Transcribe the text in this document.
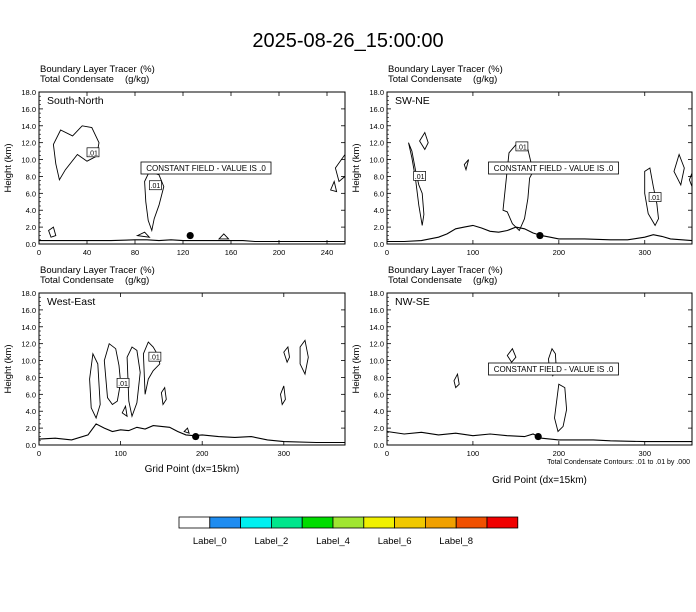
2025-08-26_15:00:00
Boundary Layer Tracer (%)
Total Condensate (g/kg)
.01
.01
CONSTANT FIELD - VALUE IS .0
South-North
0.0
2.0
4.0
6.0
8.0
10.0
12.0
14.0
16.0
18.0
0	40	80	120	160	200	240
Height (km)
Boundary Layer Tracer (%)
Total Condensate (g/kg)
.01
.01
.01
CONSTANT FIELD - VALUE IS .0
SW-NE
0.0
2.0
4.0
6.0
8.0
10.0
12.0
14.0
16.0
18.0
0	100	200	300
Height (km)
Boundary Layer Tracer (%)
Total Condensate (g/kg)
.01
.01
West-East
0.0
2.0
4.0
6.0
8.0
10.0
12.0
14.0
16.0
18.0
0	100	200	300
Height (km)
Grid Point (dx=15km)
Boundary Layer Tracer (%)
Total Condensate (g/kg)
CONSTANT FIELD - VALUE IS .0
NW-SE
0.0
2.0
4.0
6.0
8.0
10.0
12.0
14.0
16.0
18.0
0	100	200	300
Height (km)
Grid Point (dx=15km)
Total Condensate Contours: .01 to .01 by .000
Label_0	Label_2	Label_4	Label_6	Label_8
